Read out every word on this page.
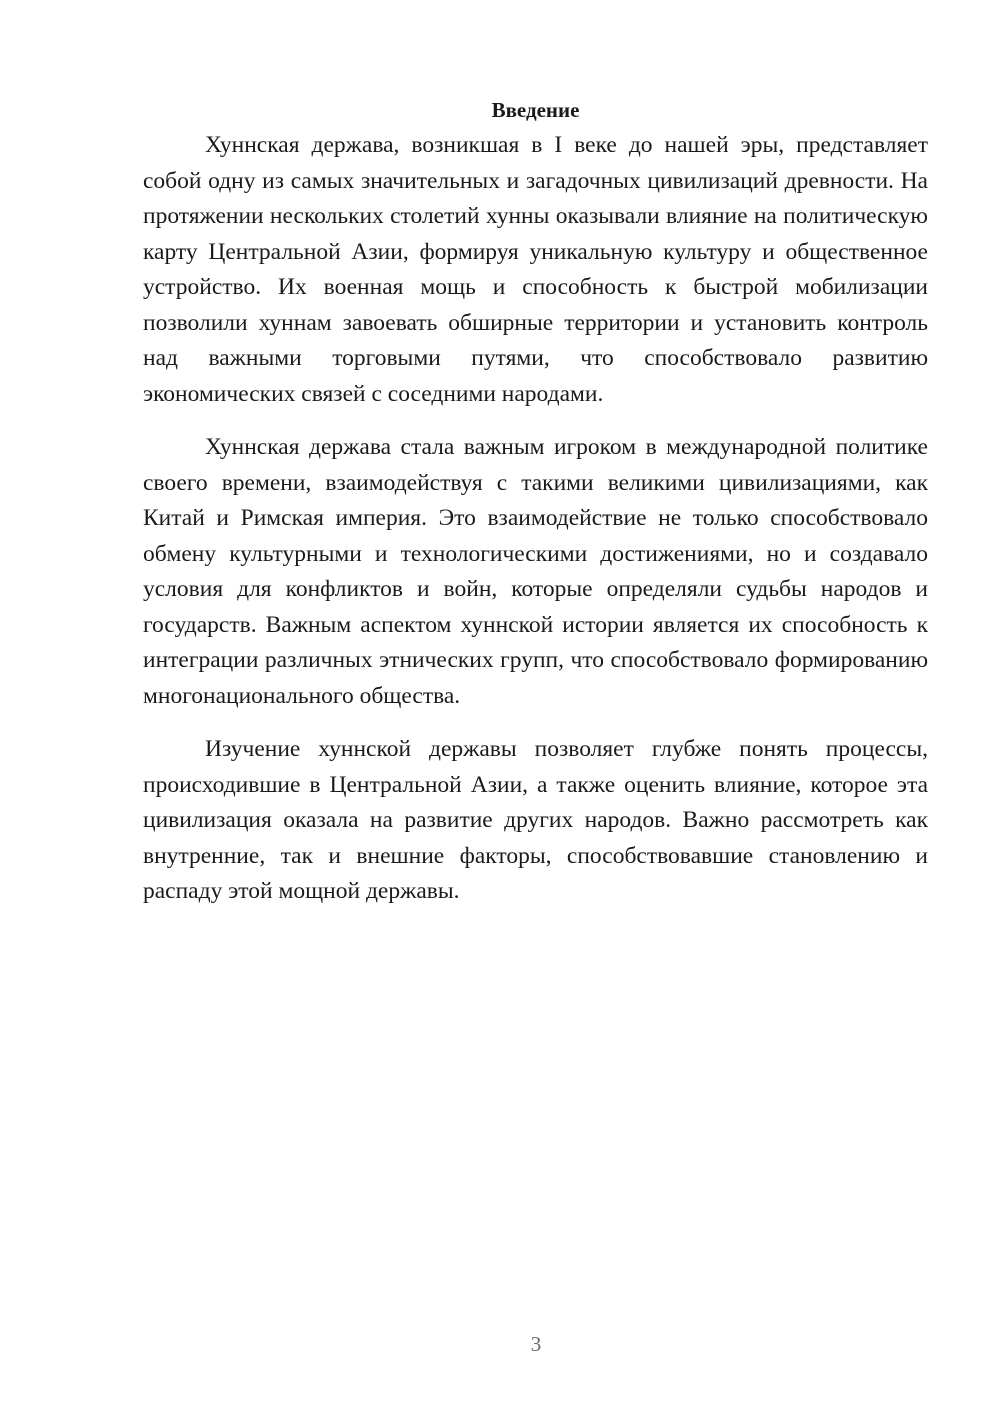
Введение

Хуннская держава, возникшая в I веке до нашей эры, представляет собой одну из самых значительных и загадочных цивилизаций древности. На протяжении нескольких столетий хунны оказывали влияние на политическую карту Центральной Азии, формируя уникальную культуру и общественное устройство. Их военная мощь и способность к быстрой мобилизации позволили хуннам завоевать обширные территории и установить контроль над важными торговыми путями, что способствовало развитию экономических связей с соседними народами.

Хуннская держава стала важным игроком в международной политике своего времени, взаимодействуя с такими великими цивилизациями, как Китай и Римская империя. Это взаимодействие не только способствовало обмену культурными и технологическими достижениями, но и создавало условия для конфликтов и войн, которые определяли судьбы народов и государств. Важным аспектом хуннской истории является их способность к интеграции различных этнических групп, что способствовало формированию многонационального общества.

Изучение хуннской державы позволяет глубже понять процессы, происходившие в Центральной Азии, а также оценить влияние, которое эта цивилизация оказала на развитие других народов. Важно рассмотреть как внутренние, так и внешние факторы, способствовавшие становлению и распаду этой мощной державы.

3
